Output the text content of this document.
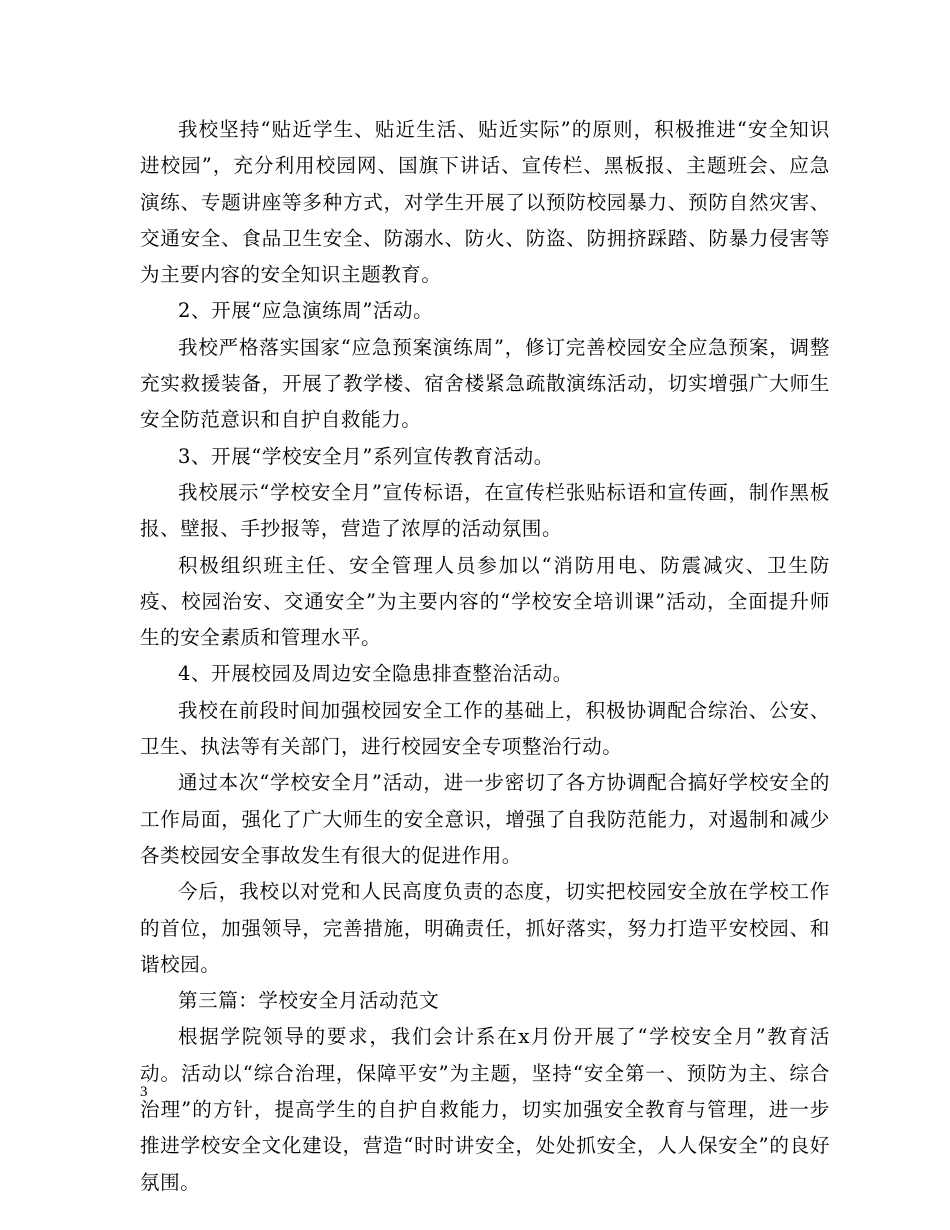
我校坚持“贴近学生、贴近生活、贴近实际”的原则，积极推进“安全知识进校园”，充分利用校园网、国旗下讲话、宣传栏、黑板报、主题班会、应急演练、专题讲座等多种方式，对学生开展了以预防校园暴力、预防自然灾害、交通安全、食品卫生安全、防溺水、防火、防盗、防拥挤踩踏、防暴力侵害等为主要内容的安全知识主题教育。

2、开展“应急演练周”活动。

我校严格落实国家“应急预案演练周”，修订完善校园安全应急预案，调整充实救援装备，开展了教学楼、宿舍楼紧急疏散演练活动，切实增强广大师生安全防范意识和自护自救能力。

3、开展“学校安全月”系列宣传教育活动。

我校展示“学校安全月”宣传标语，在宣传栏张贴标语和宣传画，制作黑板报、壁报、手抄报等，营造了浓厚的活动氛围。

积极组织班主任、安全管理人员参加以“消防用电、防震减灾、卫生防疫、校园治安、交通安全”为主要内容的“学校安全培训课”活动，全面提升师生的安全素质和管理水平。

4、开展校园及周边安全隐患排查整治活动。

我校在前段时间加强校园安全工作的基础上，积极协调配合综治、公安、卫生、执法等有关部门，进行校园安全专项整治行动。

通过本次“学校安全月”活动，进一步密切了各方协调配合搞好学校安全的工作局面，强化了广大师生的安全意识，增强了自我防范能力，对遏制和减少各类校园安全事故发生有很大的促进作用。

今后，我校以对党和人民高度负责的态度，切实把校园安全放在学校工作的首位，加强领导，完善措施，明确责任，抓好落实，努力打造平安校园、和谐校园。

第三篇：学校安全月活动范文

根据学院领导的要求，我们会计系在x月份开展了“学校安全月”教育活动。活动以“综合治理，保障平安”为主题，坚持“安全第一、预防为主、综合治理”的方针，提高学生的自护自救能力，切实加强安全教育与管理，进一步推进学校安全文化建设，营造“时时讲安全，处处抓安全，人人保安全”的良好氛围。

3
